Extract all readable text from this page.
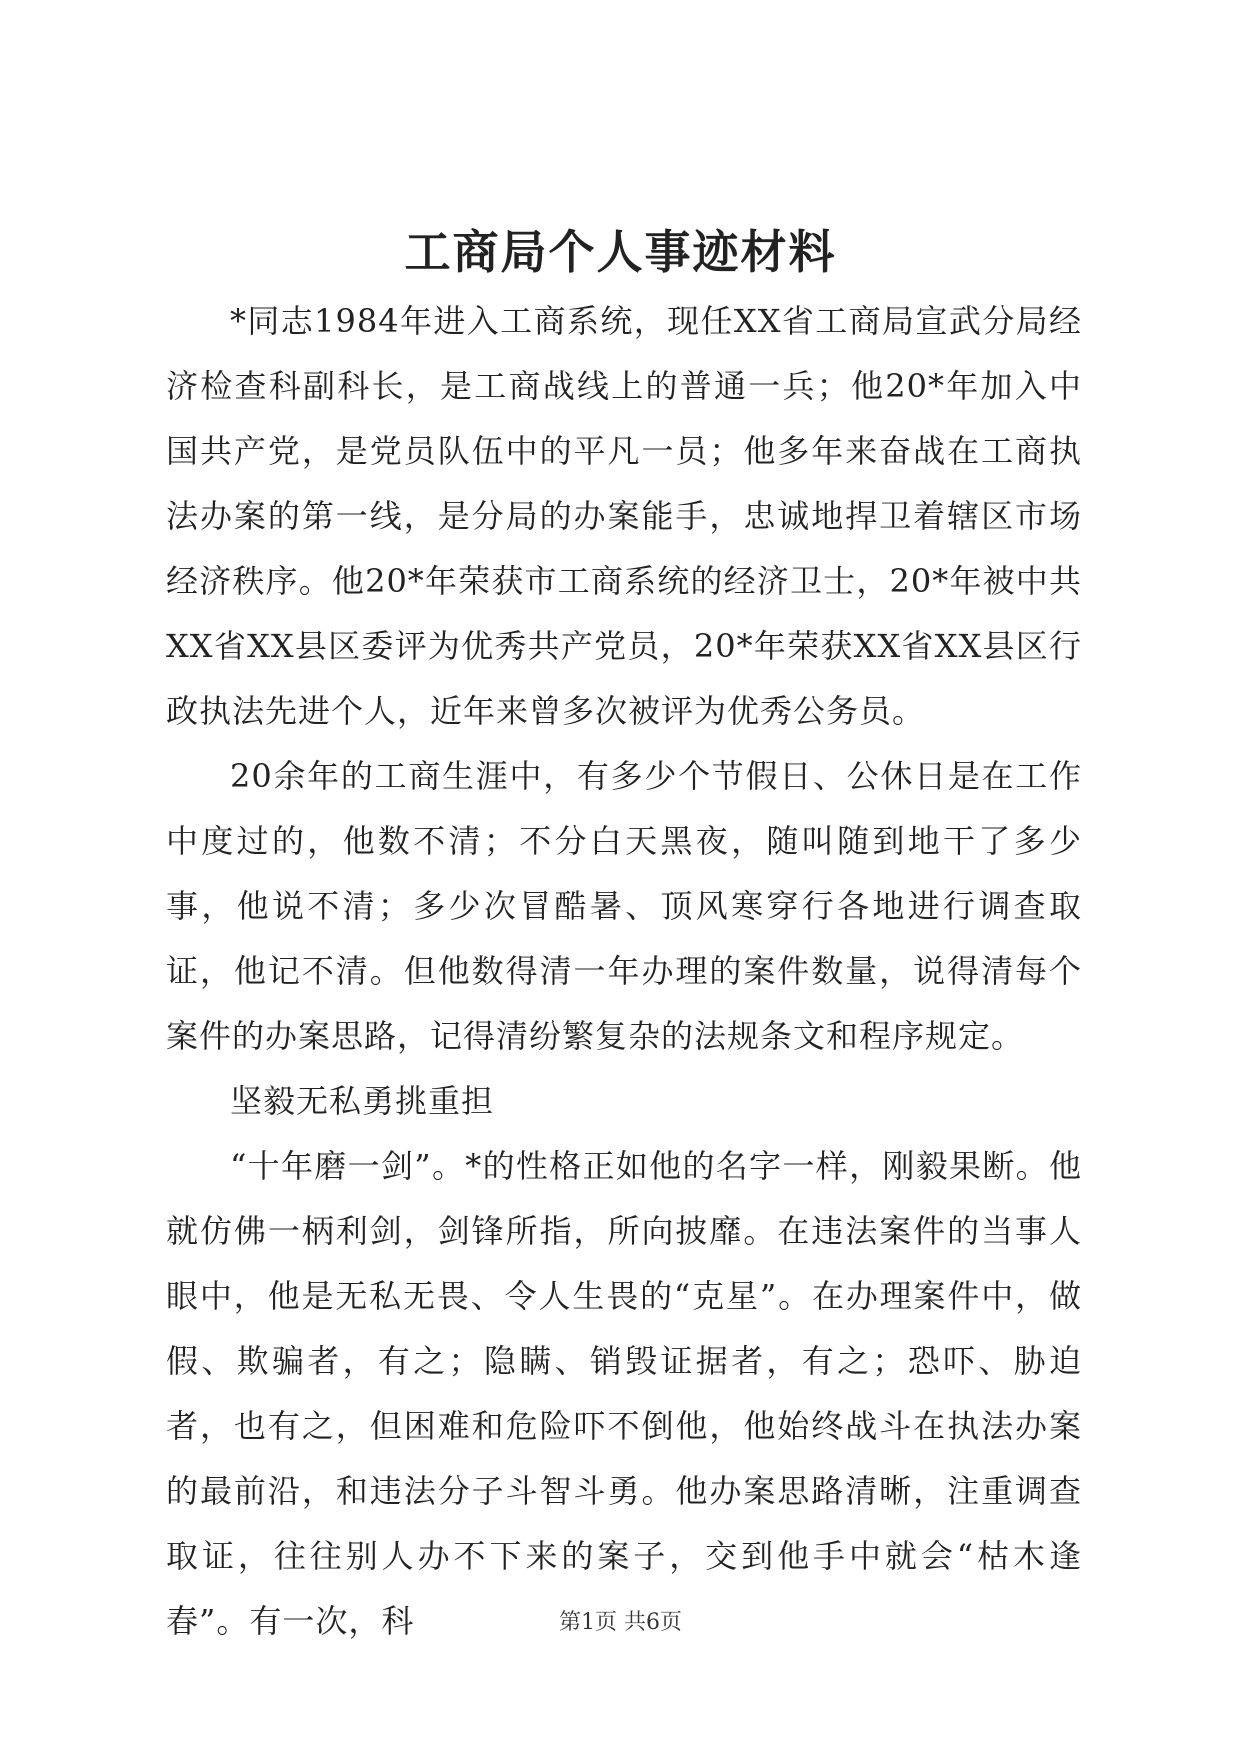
工商局个人事迹材料

*同志1984年进入工商系统，现任XX省工商局宣武分局经济检查科副科长，是工商战线上的普通一兵；他20*年加入中国共产党，是党员队伍中的平凡一员；他多年来奋战在工商执法办案的第一线，是分局的办案能手，忠诚地捍卫着辖区市场经济秩序。他20*年荣获市工商系统的经济卫士，20*年被中共XX省XX县区委评为优秀共产党员，20*年荣获XX省XX县区行政执法先进个人，近年来曾多次被评为优秀公务员。

20余年的工商生涯中，有多少个节假日、公休日是在工作中度过的，他数不清；不分白天黑夜，随叫随到地干了多少事，他说不清；多少次冒酷暑、顶风寒穿行各地进行调查取证，他记不清。但他数得清一年办理的案件数量，说得清每个案件的办案思路，记得清纷繁复杂的法规条文和程序规定。

坚毅无私勇挑重担

“十年磨一剑”。*的性格正如他的名字一样，刚毅果断。他就仿佛一柄利剑，剑锋所指，所向披靡。在违法案件的当事人眼中，他是无私无畏、令人生畏的“克星”。在办理案件中，做假、欺骗者，有之；隐瞒、销毁证据者，有之；恐吓、胁迫者，也有之，但困难和危险吓不倒他，他始终战斗在执法办案的最前沿，和违法分子斗智斗勇。他办案思路清晰，注重调查取证，往往别人办不下来的案子，交到他手中就会“枯木逢春”。有一次，科	第1页 共6页
